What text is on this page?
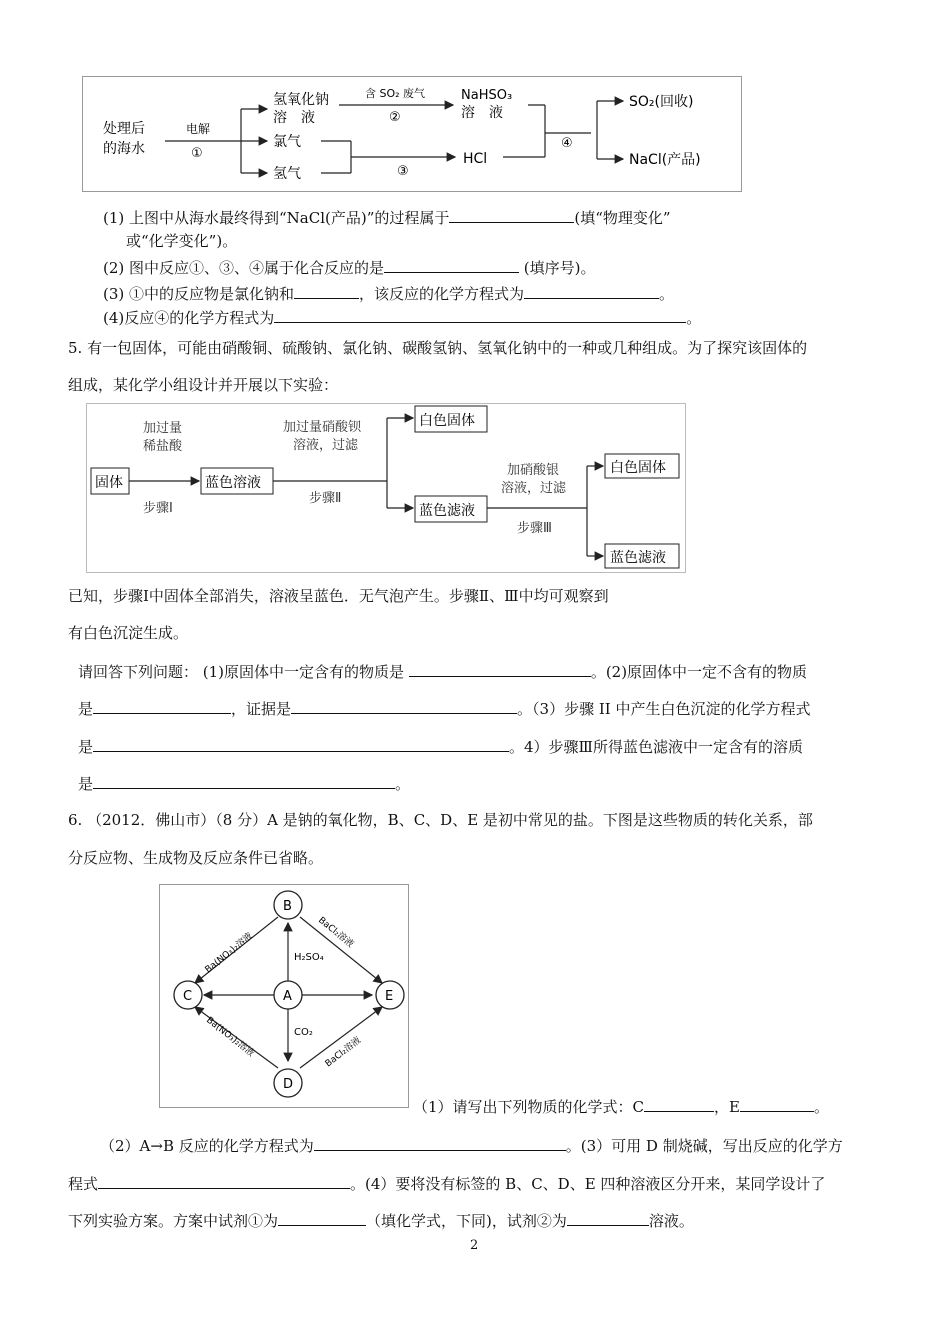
处理后
的海水
电解
①
氢氧化钠
溶　液
氯气
氢气
含 SO₂ 废气
②
③
NaHSO₃
溶　液
HCl
④
SO₂(回收)
NaCl(产品)
(1) 上图中从海水最终得到“NaCl(产品)”的过程属于	(填“物理变化”
或“化学变化”)。
(2) 图中反应①、③、④属于化合反应的是	(填序号)。
(3) ①中的反应物是氯化钠和	，该反应的化学方程式为	。
(4)反应④的化学方程式为	。
5. 有一包固体，可能由硝酸铜、硫酸钠、氯化钠、碳酸氢钠、氢氧化钠中的一种或几种组成。为了探究该固体的
组成，某化学小组设计并开展以下实验：
固体
加过量
稀盐酸
步骤Ⅰ
蓝色溶液
加过量硝酸钡
溶液，过滤
步骤Ⅱ
白色固体
蓝色滤液
加硝酸银
溶液，过滤
步骤Ⅲ
白色固体
蓝色滤液
已知，步骤Ⅰ中固体全部消失，溶液呈蓝色．无气泡产生。步骤Ⅱ、Ⅲ中均可观察到
有白色沉淀生成。
请回答下列问题： (1)原固体中一定含有的物质是	。(2)原固体中一定不含有的物质
是	，证据是	。（3）步骤 II 中产生白色沉淀的化学方程式
是	。4）步骤Ⅲ所得蓝色滤液中一定含有的溶质
是	。
6. （2012．佛山市）（8 分）A 是钠的氧化物，B、C、D、E 是初中常见的盐。下图是这些物质的转化关系，部
分反应物、生成物及反应条件已省略。
B
C	A	E
D
Ba(NO₃)₂溶液	BaCl₂溶液
Ba(NO₃)₂溶液	BaCl₂溶液
H₂SO₄
CO₂
（1）请写出下列物质的化学式：C	，E	。
（2）A→B 反应的化学方程式为	。(3）可用 D 制烧碱，写出反应的化学方
程式	。(4）要将没有标签的 B、C、D、E 四种溶液区分开来，某同学设计了
下列实验方案。方案中试剂①为	（填化学式，下同)，试剂②为	溶液。
2
